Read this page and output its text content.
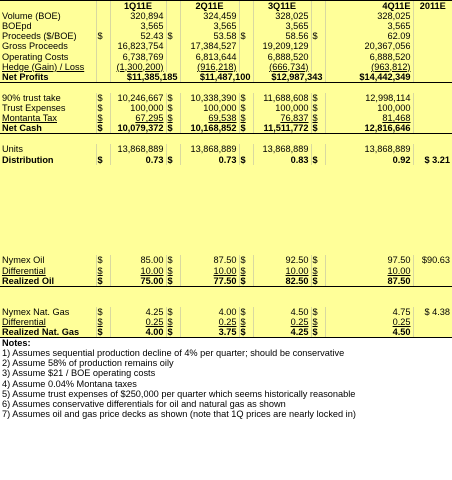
		1Q11E		2Q11E		3Q11E		4Q11E	2011E
Volume (BOE)		320,894		324,459		328,025		328,025	
BOEpd		3,565		3,565		3,565		3,565	
Proceeds ($/BOE)	$	52.43	$	53.58	$	58.56	$	62.09	
Gross Proceeds		16,823,754		17,384,527		19,209,129		20,367,056	
Operating Costs		6,738,769		6,813,644		6,888,520		6,888,520	
Hedge (Gain) / Loss		(1,300,200)		(916,218)		(666,734)		(963,812)	
Net Profits		$11,385,185		$11,487,100		$12,987,343		$14,442,349	

90% trust take	$	10,246,667	$	10,338,390	$	11,688,608	$	12,998,114	
Trust Expenses	$	100,000	$	100,000	$	100,000	$	100,000	
Montanta Tax	$	67,295	$	69,538	$	76,837	$	81,468	
Net Cash	$	10,079,372	$	10,168,852	$	11,511,772	$	12,816,646	

Units		13,868,889		13,868,889		13,868,889		13,868,889	
Distribution	$	0.73	$	0.73	$	0.83	$	0.92	$ 3.21

Nymex Oil	$	85.00	$	87.50	$	92.50	$	97.50	$90.63
Differential	$	10.00	$	10.00	$	10.00	$	10.00	
Realized Oil	$	75.00	$	77.50	$	82.50	$	87.50	

Nymex Nat. Gas	$	4.25	$	4.00	$	4.50	$	4.75	$ 4.38
Differential	$	0.25	$	0.25	$	0.25	$	0.25	
Realized Nat. Gas	$	4.00	$	3.75	$	4.25	$	4.50	
Notes:									
1) Assumes sequential production decline of 4% per quarter; should be conservative									
2) Assume 58% of production remains oily									
3) Assume $21 / BOE operating costs									
4) Assume 0.04% Montana taxes									
5) Assume trust expenses of $250,000 per quarter which seems historically reasonable									
6) Assumes conservative differentials for oil and natural gas as shown									
7) Assumes oil and gas price decks as shown (note that 1Q prices are nearly locked in)									
